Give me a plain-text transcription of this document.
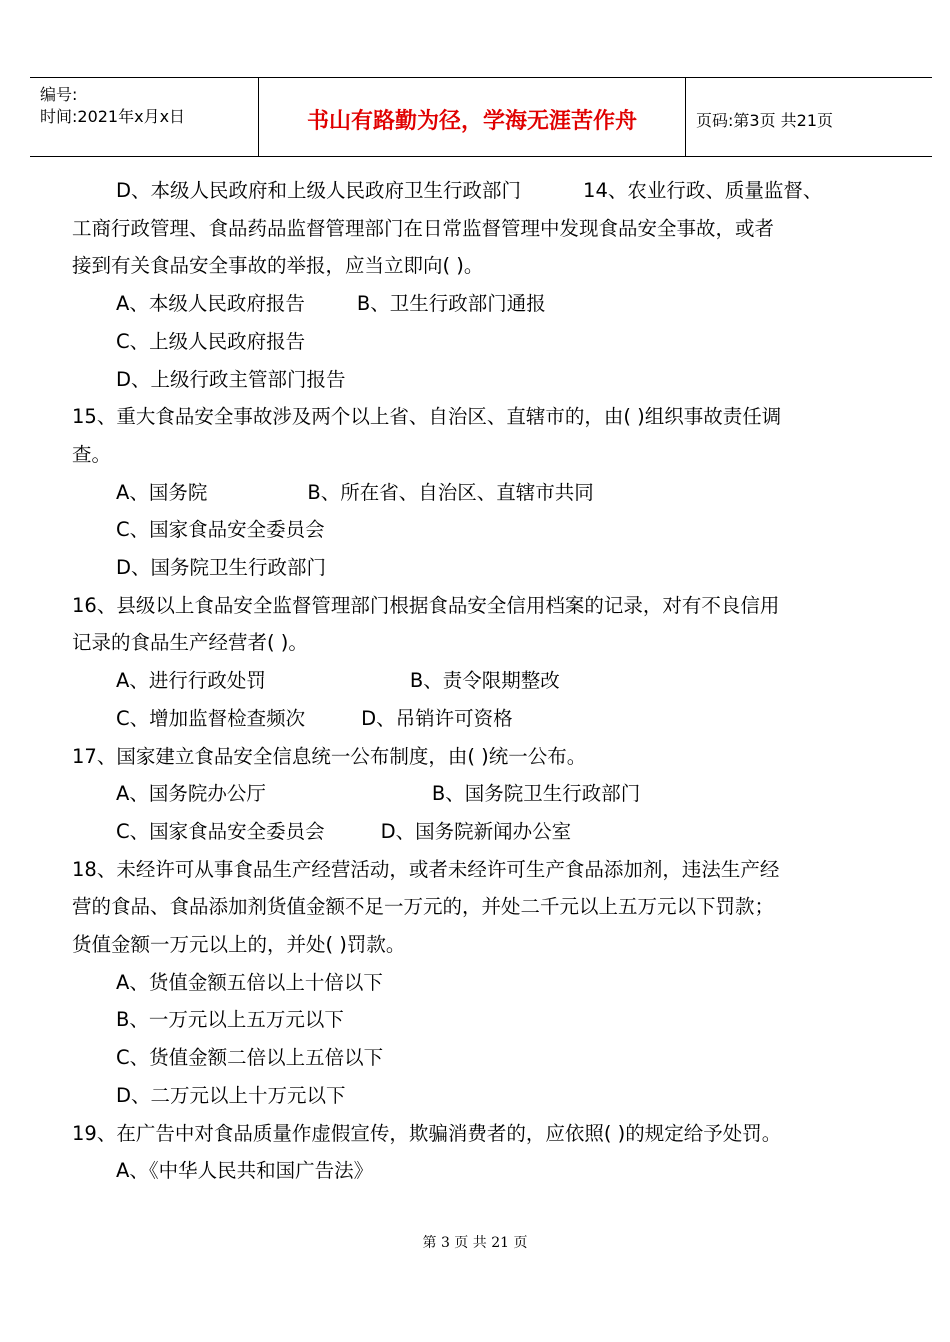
编号:
时间:2021年x月x日	书山有路勤为径，学海无涯苦作舟	页码:第3页 共21页
D、本级人民政府和上级人民政府卫生行政部门	14、农业行政、质量监督、
工商行政管理、食品药品监督管理部门在日常监督管理中发现食品安全事故，或者
接到有关食品安全事故的举报，应当立即向( )。
A、本级人民政府报告	B、卫生行政部门通报
C、上级人民政府报告
D、上级行政主管部门报告
15、重大食品安全事故涉及两个以上省、自治区、直辖市的，由( )组织事故责任调
查。
A、国务院	B、所在省、自治区、直辖市共同
C、国家食品安全委员会
D、国务院卫生行政部门
16、县级以上食品安全监督管理部门根据食品安全信用档案的记录，对有不良信用
记录的食品生产经营者( )。
A、进行行政处罚	B、责令限期整改
C、增加监督检查频次	D、吊销许可资格
17、国家建立食品安全信息统一公布制度，由( )统一公布。
A、国务院办公厅	B、国务院卫生行政部门
C、国家食品安全委员会	D、国务院新闻办公室
18、未经许可从事食品生产经营活动，或者未经许可生产食品添加剂，违法生产经
营的食品、食品添加剂货值金额不足一万元的，并处二千元以上五万元以下罚款；
货值金额一万元以上的，并处( )罚款。
A、货值金额五倍以上十倍以下
B、一万元以上五万元以下
C、货值金额二倍以上五倍以下
D、二万元以上十万元以下
19、在广告中对食品质量作虚假宣传，欺骗消费者的，应依照( )的规定给予处罚。
A、《中华人民共和国广告法》
第 3 页 共 21 页
